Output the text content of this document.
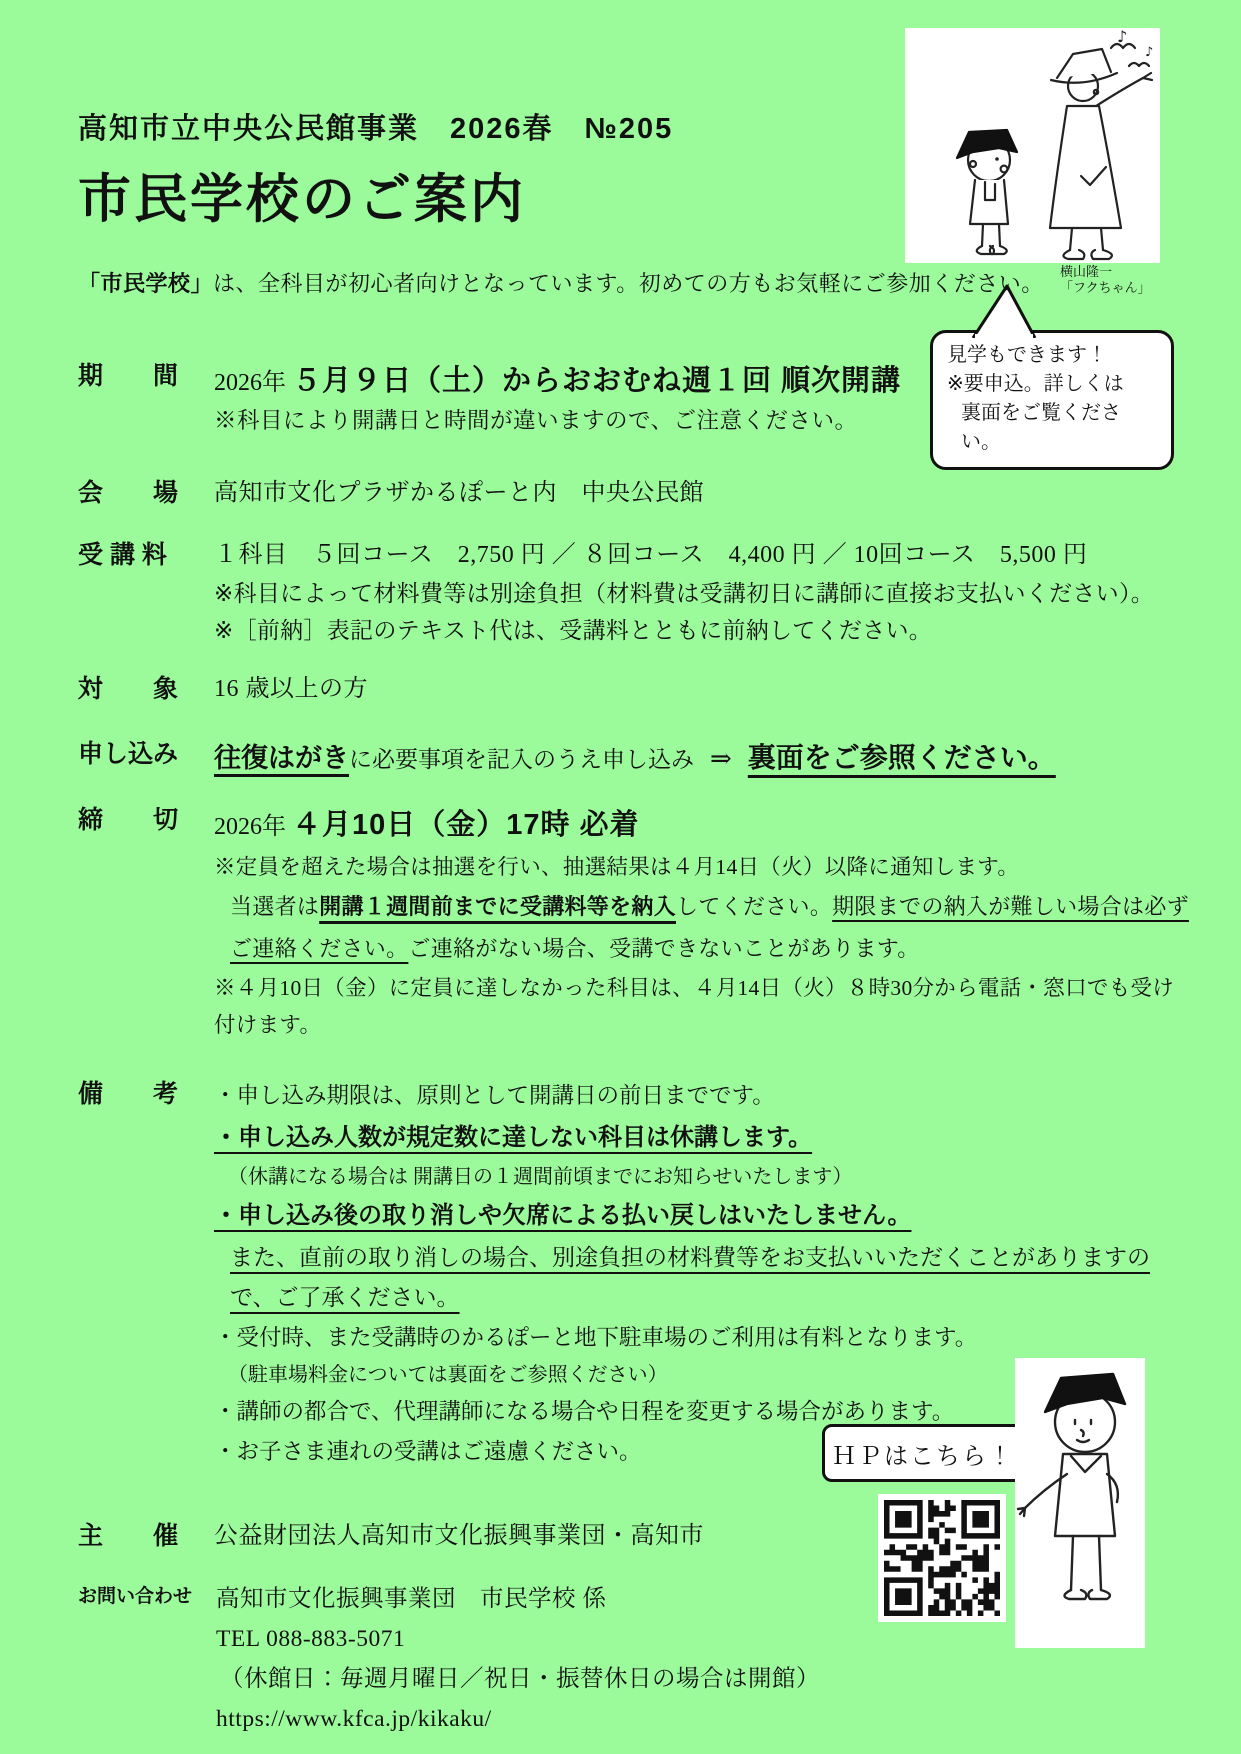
♪
♪
横山隆一
「フクちゃん」
見学もできます！
※要申込。詳しくは
裏面をご覧ください。
高知市立中央公民館事業　2026春　№205
市民学校のご案内
「市民学校」は、全科目が初心者向けとなっています。初めての方もお気軽にご参加ください。
期　　間	2026年 ５月９日（土）からおおむね週１回 順次開講
※科目により開講日と時間が違いますので、ご注意ください。
会　　場	高知市文化プラザかるぽーと内　中央公民館
受 講 料	１科目　５回コース　2,750 円 ／ ８回コース　4,400 円 ／ 10回コース　5,500 円
※科目によって材料費等は別途負担（材料費は受講初日に講師に直接お支払いください）。
※［前納］表記のテキスト代は、受講料とともに前納してください。
対　　象	16 歳以上の方
申し込み	往復はがきに必要事項を記入のうえ申し込み ⇒ 裏面をご参照ください。
締　　切	2026年 ４月10日（金）17時 必着
※定員を超えた場合は抽選を行い、抽選結果は４月14日（火）以降に通知します。
当選者は開講１週間前までに受講料等を納入してください。期限までの納入が難しい場合は必ずご連絡ください。ご連絡がない場合、受講できないことがあります。
※４月10日（金）に定員に達しなかった科目は、４月14日（火）８時30分から電話・窓口でも受け付けます。
備　　考	・申し込み期限は、原則として開講日の前日までです。
・申し込み人数が規定数に達しない科目は休講します。
（休講になる場合は 開講日の１週間前頃までにお知らせいたします）
・申し込み後の取り消しや欠席による払い戻しはいたしません。
また、直前の取り消しの場合、別途負担の材料費等をお支払いいただくことがありますので、ご了承ください。
・受付時、また受講時のかるぽーと地下駐車場のご利用は有料となります。
（駐車場料金については裏面をご参照ください）
・講師の都合で、代理講師になる場合や日程を変更する場合があります。
・お子さま連れの受講はご遠慮ください。
主　　催	公益財団法人高知市文化振興事業団・高知市
お問い合わせ 高知市文化振興事業団　市民学校 係
TEL 088-883-5071
（休館日：毎週月曜日／祝日・振替休日の場合は開館）
https://www.kfca.jp/kikaku/
ＨＰはこちら！
